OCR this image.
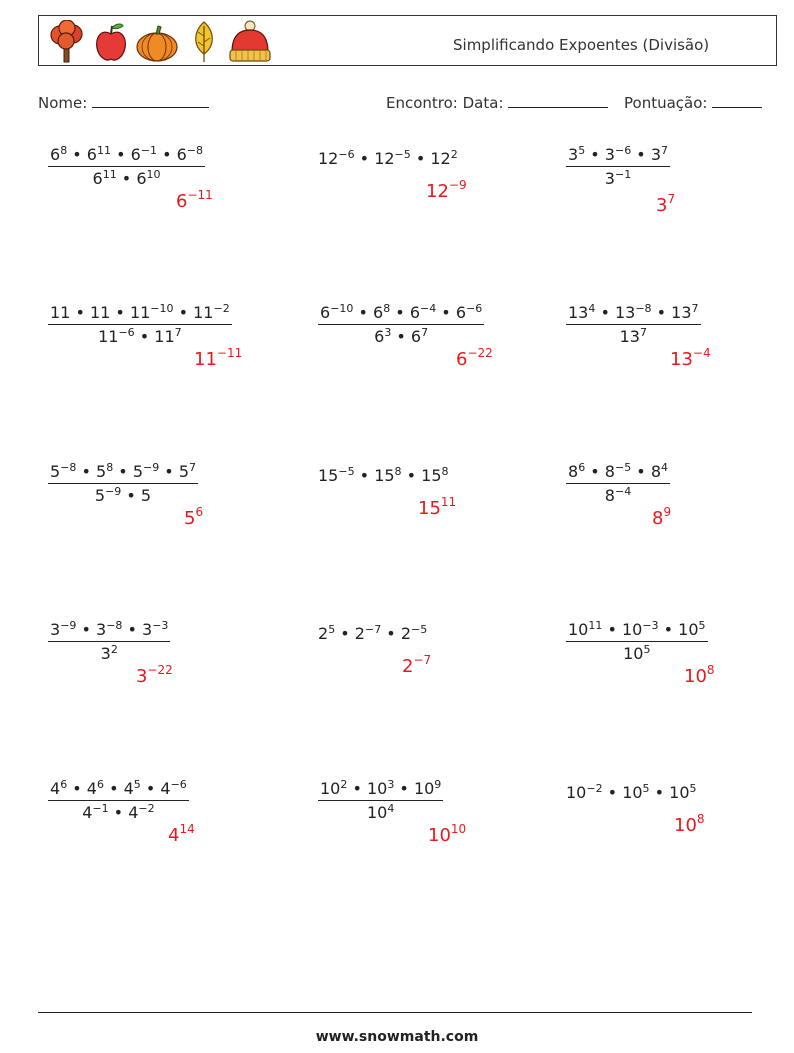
Simplificando Expoentes (Divisão)
Nome:	Encontro: Data:	Pontuação:
$\frac{6^8 • 6^{11} • 6^{-1} • 6^{-8}}{6^{11} • 6^{10}}$
$6^{-11}$
$12^{-6}$ • $12^{-5}$ • $12^2$
$12^{-9}$	$\frac{3^5 • 3^{-6} • 3^7}{3^{-1}}$
$3^7$
$\frac{11 • 11 • 11^{-10} • 11^{-2}}{11^{-6} • 11^7}$
$11^{-11}$
$\frac{6^{-10} • 6^8 • 6^{-4} • 6^{-6}}{6^3 • 6^7}$
$6^{-22}$
$\frac{13^4 • 13^{-8} • 13^7}{13^7}$
$13^{-4}$
$\frac{5^{-8} • 5^8 • 5^{-9} • 5^7}{5^{-9} • 5}$
$5^6$
$15^{-5}$ • $15^8$ • $15^8$
$15^{11}$	$\frac{8^6 • 8^{-5} • 8^4}{8^{-4}}$
$8^9$
$\frac{3^{-9} • 3^{-8} • 3^{-3}}{3^2}$
$3^{-22}$
$2^5$ • $2^{-7}$ • $2^{-5}$
$2^{-7}$	$\frac{10^{11} • 10^{-3} • 10^5}{10^5}$
$10^8$
$\frac{4^6 • 4^6 • 4^5 • 4^{-6}}{4^{-1} • 4^{-2}}$
$4^{14}$
$\frac{10^2 • 10^3 • 10^9}{10^4}$
$10^{10}$
$10^{-2}$ • $10^5$ • $10^5$
$10^8$
www.snowmath.com
